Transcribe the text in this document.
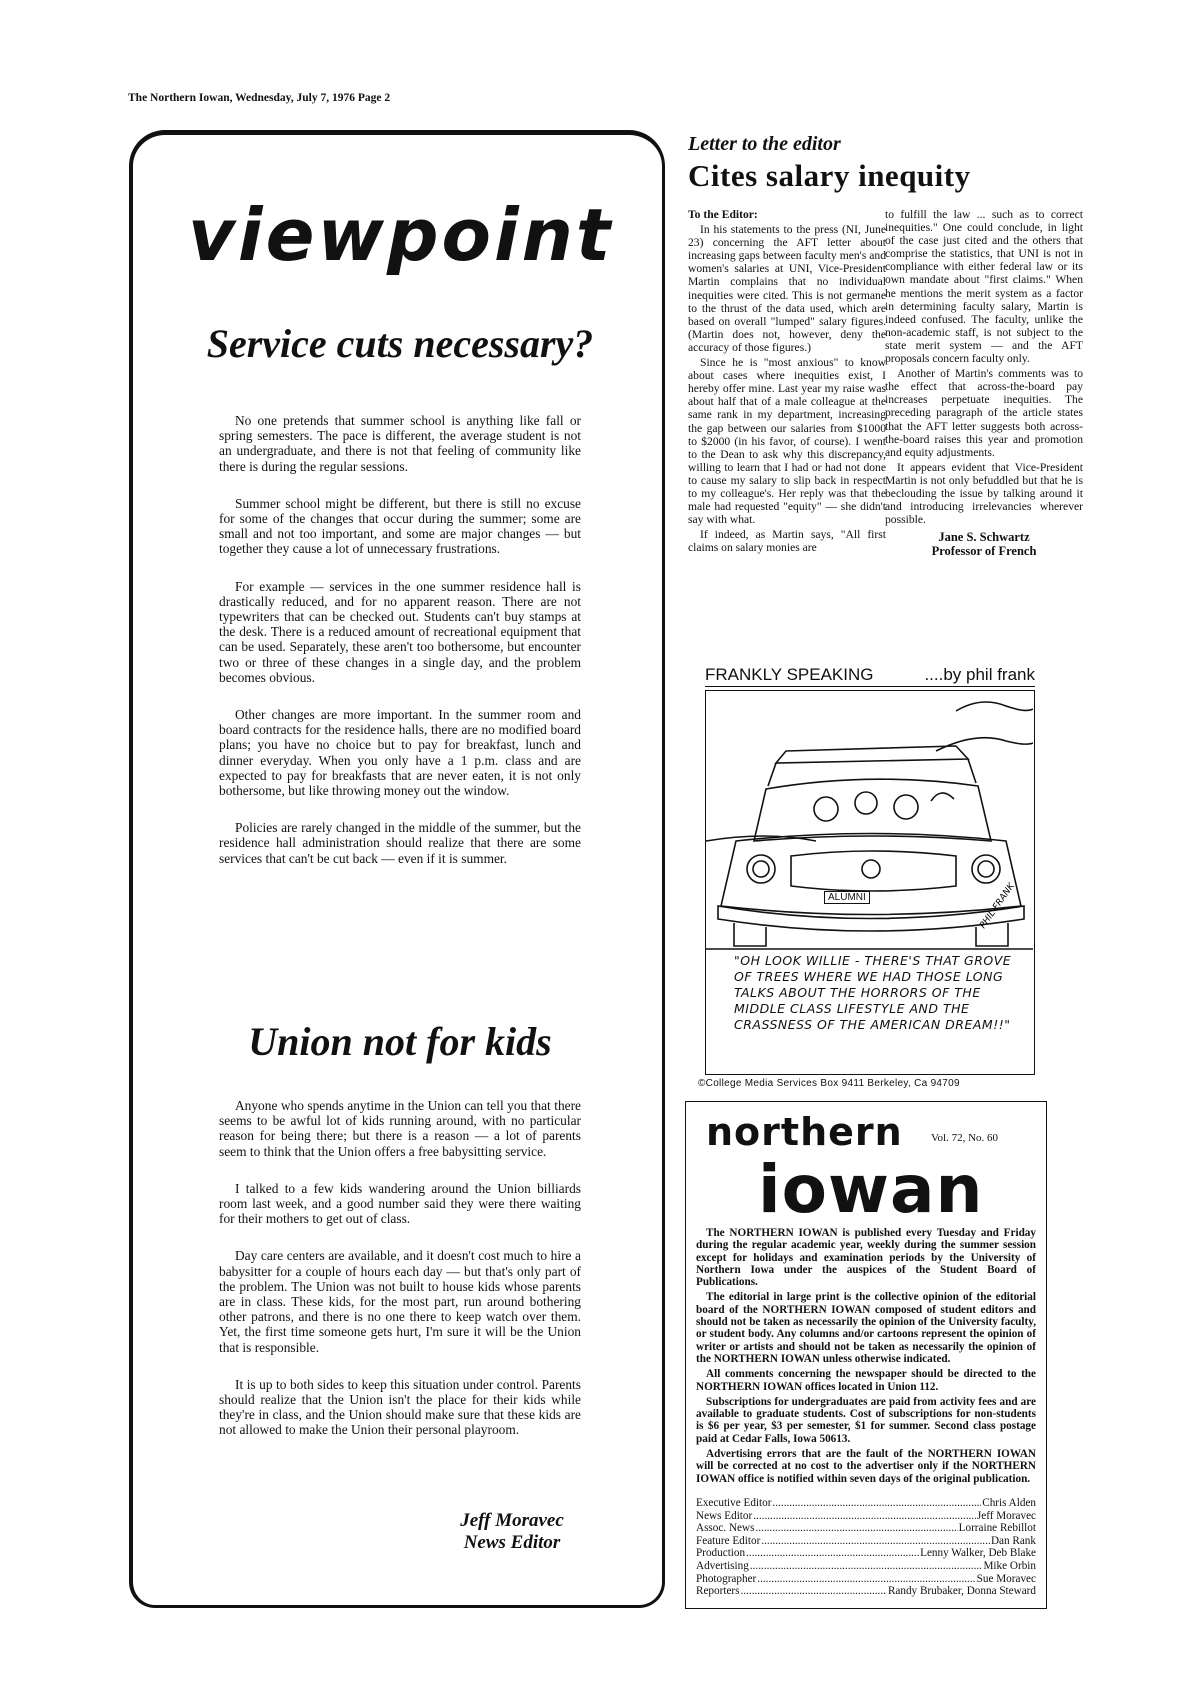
The Northern Iowan, Wednesday, July 7, 1976 Page 2
viewpoint
Service cuts necessary?

No one pretends that summer school is anything like fall or spring semesters. The pace is different, the average student is not an undergraduate, and there is not that feeling of community like there is during the regular sessions.

Summer school might be different, but there is still no excuse for some of the changes that occur during the summer; some are small and not too important, and some are major changes — but together they cause a lot of unnecessary frustrations.

For example — services in the one summer residence hall is drastically reduced, and for no apparent reason. There are not typewriters that can be checked out. Students can't buy stamps at the desk. There is a reduced amount of recreational equipment that can be used. Separately, these aren't too bothersome, but encounter two or three of these changes in a single day, and the problem becomes obvious.

Other changes are more important. In the summer room and board contracts for the residence halls, there are no modified board plans; you have no choice but to pay for breakfast, lunch and dinner everyday. When you only have a 1 p.m. class and are expected to pay for breakfasts that are never eaten, it is not only bothersome, but like throwing money out the window.

Policies are rarely changed in the middle of the summer, but the residence hall administration should realize that there are some services that can't be cut back — even if it is summer.

Union not for kids

Anyone who spends anytime in the Union can tell you that there seems to be awful lot of kids running around, with no particular reason for being there; but there is a reason — a lot of parents seem to think that the Union offers a free babysitting service.

I talked to a few kids wandering around the Union billiards room last week, and a good number said they were there waiting for their mothers to get out of class.

Day care centers are available, and it doesn't cost much to hire a babysitter for a couple of hours each day — but that's only part of the problem. The Union was not built to house kids whose parents are in class. These kids, for the most part, run around bothering other patrons, and there is no one there to keep watch over them. Yet, the first time someone gets hurt, I'm sure it will be the Union that is responsible.

It is up to both sides to keep this situation under control. Parents should realize that the Union isn't the place for their kids while they're in class, and the Union should make sure that these kids are not allowed to make the Union their personal playroom.

Jeff Moravec
News Editor
Letter to the editor
Cites salary inequity

To the Editor:

In his statements to the press (NI, June 23) concerning the AFT letter about increasing gaps between faculty men's and women's salaries at UNI, Vice-President Martin complains that no individual inequities were cited. This is not germane to the thrust of the data used, which are based on overall "lumped" salary figures. (Martin does not, however, deny the accuracy of those figures.)

Since he is "most anxious" to know about cases where inequities exist, I hereby offer mine. Last year my raise was about half that of a male colleague at the same rank in my department, increasing the gap between our salaries from $1000 to $2000 (in his favor, of course). I went to the Dean to ask why this discrepancy, willing to learn that I had or had not done to cause my salary to slip back in respect to my colleague's. Her reply was that the male had requested "equity" — she didn't say with what.

If indeed, as Martin says, "All first claims on salary monies are

to fulfill the law ... such as to correct inequities." One could conclude, in light of the case just cited and the others that comprise the statistics, that UNI is not in compliance with either federal law or its own mandate about "first claims." When he mentions the merit system as a factor in determining faculty salary, Martin is indeed confused. The faculty, unlike the non-academic staff, is not subject to the state merit system — and the AFT proposals concern faculty only.

Another of Martin's comments was to the effect that across-the-board pay increases perpetuate inequities. The preceding paragraph of the article states that the AFT letter suggests both across-the-board raises this year and promotion and equity adjustments.

It appears evident that Vice-President Martin is not only befuddled but that he is beclouding the issue by talking around it and introducing irrelevancies wherever possible.

Jane S. Schwartz
Professor of French
FRANKLY SPEAKING	....by phil frank
PHIL FRANK
ALUMNI
"OH LOOK WILLIE - THERE'S THAT GROVE OF TREES WHERE WE HAD THOSE LONG TALKS ABOUT THE HORRORS OF THE MIDDLE CLASS LIFESTYLE AND THE CRASSNESS OF THE AMERICAN DREAM!!"
©College Media Services Box 9411 Berkeley, Ca 94709
northern	Vol. 72, No. 60
iowan

The NORTHERN IOWAN is published every Tuesday and Friday during the regular academic year, weekly during the summer session except for holidays and examination periods by the University of Northern Iowa under the auspices of the Student Board of Publications.

The editorial in large print is the collective opinion of the editorial board of the NORTHERN IOWAN composed of student editors and should not be taken as necessarily the opinion of the University faculty, or student body. Any columns and/or cartoons represent the opinion of writer or artists and should not be taken as necessarily the opinion of the NORTHERN IOWAN unless otherwise indicated.

All comments concerning the newspaper should be directed to the NORTHERN IOWAN offices located in Union 112.

Subscriptions for undergraduates are paid from activity fees and are available to graduate students. Cost of subscriptions for non-students is $6 per year, $3 per semester, $1 for summer. Second class postage paid at Cedar Falls, Iowa 50613.

Advertising errors that are the fault of the NORTHERN IOWAN will be corrected at no cost to the advertiser only if the NORTHERN IOWAN office is notified within seven days of the original publication.

Executive Editor .....	Chris Alden
News Editor .....	Jeff Moravec
Assoc. News .....	Lorraine Rebillot
Feature Editor .....	Dan Rank
Production .....	Lenny Walker, Deb Blake
Advertising .....	Mike Orbin
Photographer .....	Sue Moravec
Reporters .....	Randy Brubaker, Donna Steward
